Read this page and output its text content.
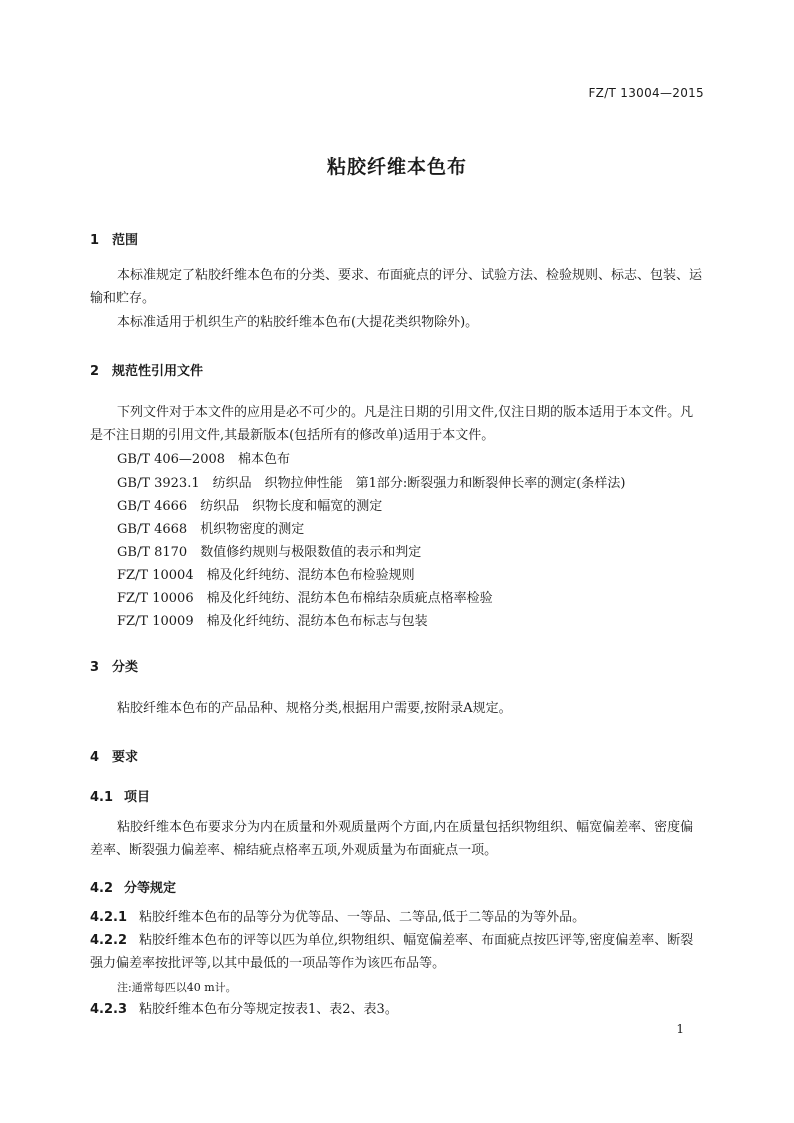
FZ/T 13004—2015
粘胶纤维本色布
1 范围
本标准规定了粘胶纤维本色布的分类、要求、布面疵点的评分、试验方法、检验规则、标志、包装、运输和贮存。
本标准适用于机织生产的粘胶纤维本色布(大提花类织物除外)。
2 规范性引用文件
下列文件对于本文件的应用是必不可少的。凡是注日期的引用文件,仅注日期的版本适用于本文件。凡是不注日期的引用文件,其最新版本(包括所有的修改单)适用于本文件。
GB/T 406—2008　 棉本色布
GB/T 3923.1　 纺织品　织物拉伸性能　第1部分:断裂强力和断裂伸长率的测定(条样法)
GB/T 4666　 纺织品　织物长度和幅宽的测定
GB/T 4668　 机织物密度的测定
GB/T 8170　 数值修约规则与极限数值的表示和判定
FZ/T 10004　 棉及化纤纯纺、混纺本色布检验规则
FZ/T 10006　 棉及化纤纯纺、混纺本色布棉结杂质疵点格率检验
FZ/T 10009　 棉及化纤纯纺、混纺本色布标志与包装
3 分类
粘胶纤维本色布的产品品种、规格分类,根据用户需要,按附录A规定。
4 要求
4.1 项目
粘胶纤维本色布要求分为内在质量和外观质量两个方面,内在质量包括织物组织、幅宽偏差率、密度偏差率、断裂强力偏差率、棉结疵点格率五项,外观质量为布面疵点一项。
4.2 分等规定
4.2.1 粘胶纤维本色布的品等分为优等品、一等品、二等品,低于二等品的为等外品。
4.2.2 粘胶纤维本色布的评等以匹为单位,织物组织、幅宽偏差率、布面疵点按匹评等,密度偏差率、断裂强力偏差率按批评等,以其中最低的一项品等作为该匹布品等。
注:通常每匹以40 m计。
4.2.3 粘胶纤维本色布分等规定按表1、表2、表3。
1
